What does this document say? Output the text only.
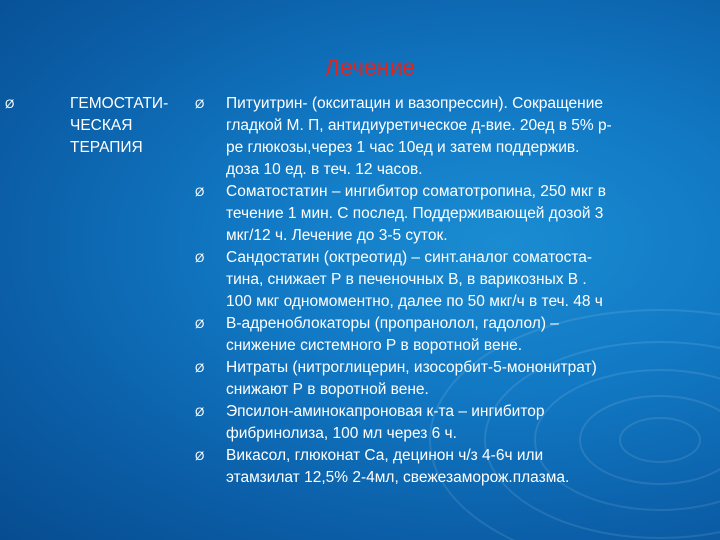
Лечение
Ø	ГЕМОСТАТИ-
ЧЕСКАЯ
ТЕРАПИЯ
Ø	Питуитрин- (окситацин и вазопрессин). Сокращение
гладкой М. П, антидиуретическое д-вие. 20ед в 5% р-
ре глюкозы,через 1 час 10ед и затем поддержив.
доза 10 ед. в теч. 12 часов.
Ø	Соматостатин – ингибитор соматотропина, 250 мкг в
течение 1 мин. С послед. Поддерживающей дозой 3
мкг/12 ч. Лечение до 3-5 суток.
Ø	Сандостатин (октреотид) – синт.аналог соматоста-
тина, снижает Р в печеночных В, в варикозных В .
100 мкг одномоментно, далее по 50 мкг/ч в теч. 48 ч
Ø	В-адреноблокаторы (пропранолол, гадолол) –
снижение системного Р в воротной вене.
Ø	Нитраты (нитроглицерин, изосорбит-5-мононитрат)
снижают Р в воротной вене.
Ø	Эпсилон-аминокапроновая к-та – ингибитор
фибринолиза, 100 мл через 6 ч.
Ø	Викасол, глюконат Са, децинон ч/з 4-6ч или
этамзилат 12,5% 2-4мл, свежезаморож.плазма.
